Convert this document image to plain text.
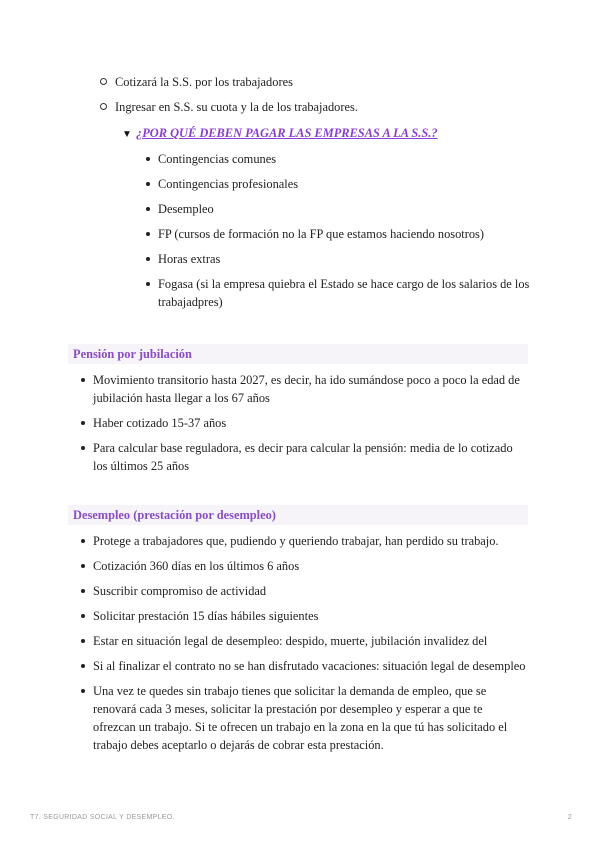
Cotizará la S.S. por los trabajadores
Ingresar en S.S. su cuota y la de los trabajadores.
▼ ¿POR QUÉ DEBEN PAGAR LAS EMPRESAS A LA S.S.?
Contingencias comunes
Contingencias profesionales
Desempleo
FP (cursos de formación no la FP que estamos haciendo nosotros)
Horas extras
Fogasa (si la empresa quiebra el Estado se hace cargo de los salarios de los trabajadpres)
Pensión por jubilación
Movimiento transitorio hasta 2027, es decir, ha ido sumándose poco a poco la edad de jubilación hasta llegar a los 67 años
Haber cotizado 15-37 años
Para calcular base reguladora, es decir para calcular la pensión: media de lo cotizado los últimos 25 años
Desempleo (prestación por desempleo)
Protege a trabajadores que, pudiendo y queriendo trabajar, han perdido su trabajo.
Cotización 360 días en los últimos 6 años
Suscribir compromiso de actividad
Solicitar prestación 15 días hábiles siguientes
Estar en situación legal de desempleo: despido, muerte, jubilación invalidez del
Si al finalizar el contrato no se han disfrutado vacaciones: situación legal de desempleo
Una vez te quedes sin trabajo tienes que solicitar la demanda de empleo, que se renovará cada 3 meses, solicitar la prestación por desempleo y esperar a que te ofrezcan un trabajo. Si te ofrecen un trabajo en la zona en la que tú has solicitado el trabajo debes aceptarlo o dejarás de cobrar esta prestación.
T7. SEGURIDAD SOCIAL Y DESEMPLEO.	2
